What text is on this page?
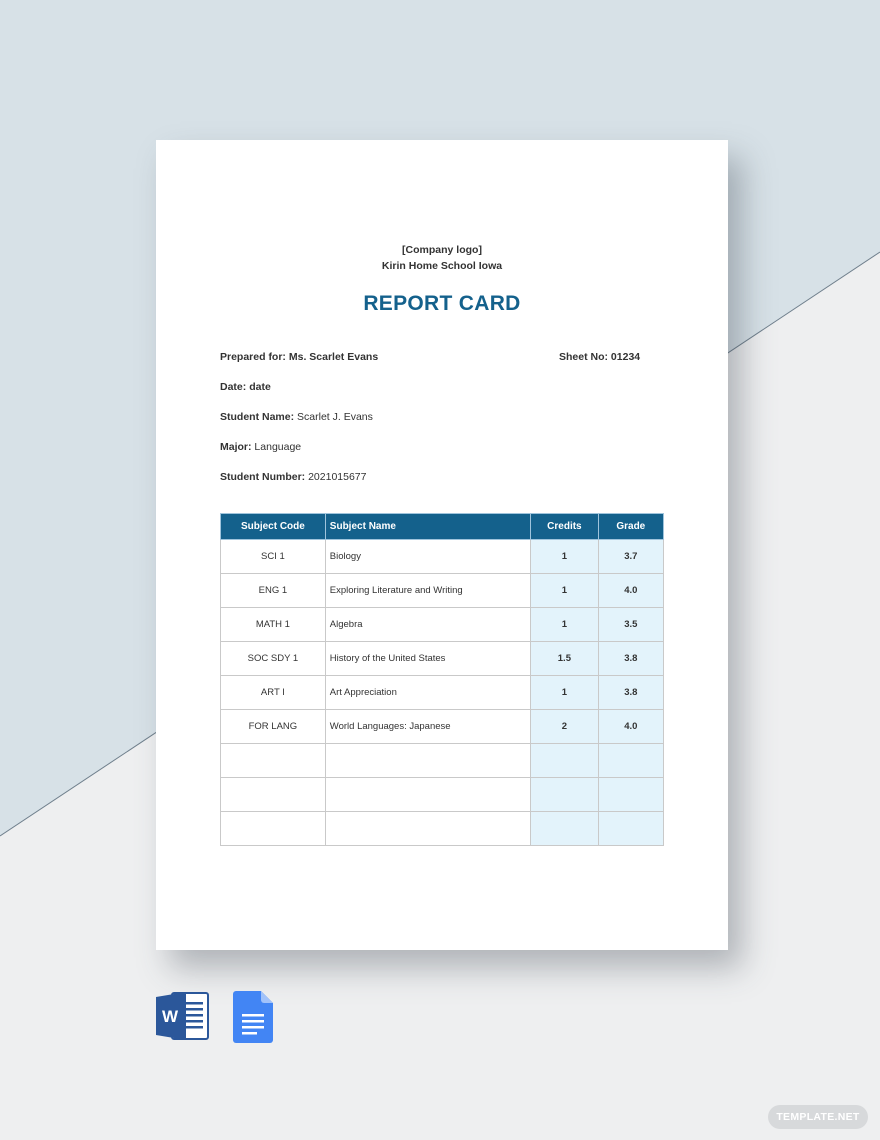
[Company logo]
Kirin Home School Iowa
REPORT CARD
Prepared for: Ms. Scarlet Evans	Sheet No: 01234
Date: date
Student Name: Scarlet J. Evans
Major: Language
Student Number: 2021015677
Subject Code	Subject Name	Credits	Grade
SCI 1	Biology	1	3.7
ENG 1	Exploring Literature and Writing	1	4.0
MATH 1	Algebra	1	3.5
SOC SDY 1	History of the United States	1.5	3.8
ART I	Art Appreciation	1	3.8
FOR LANG	World Languages: Japanese	2	4.0

W
TEMPLATE.NET
